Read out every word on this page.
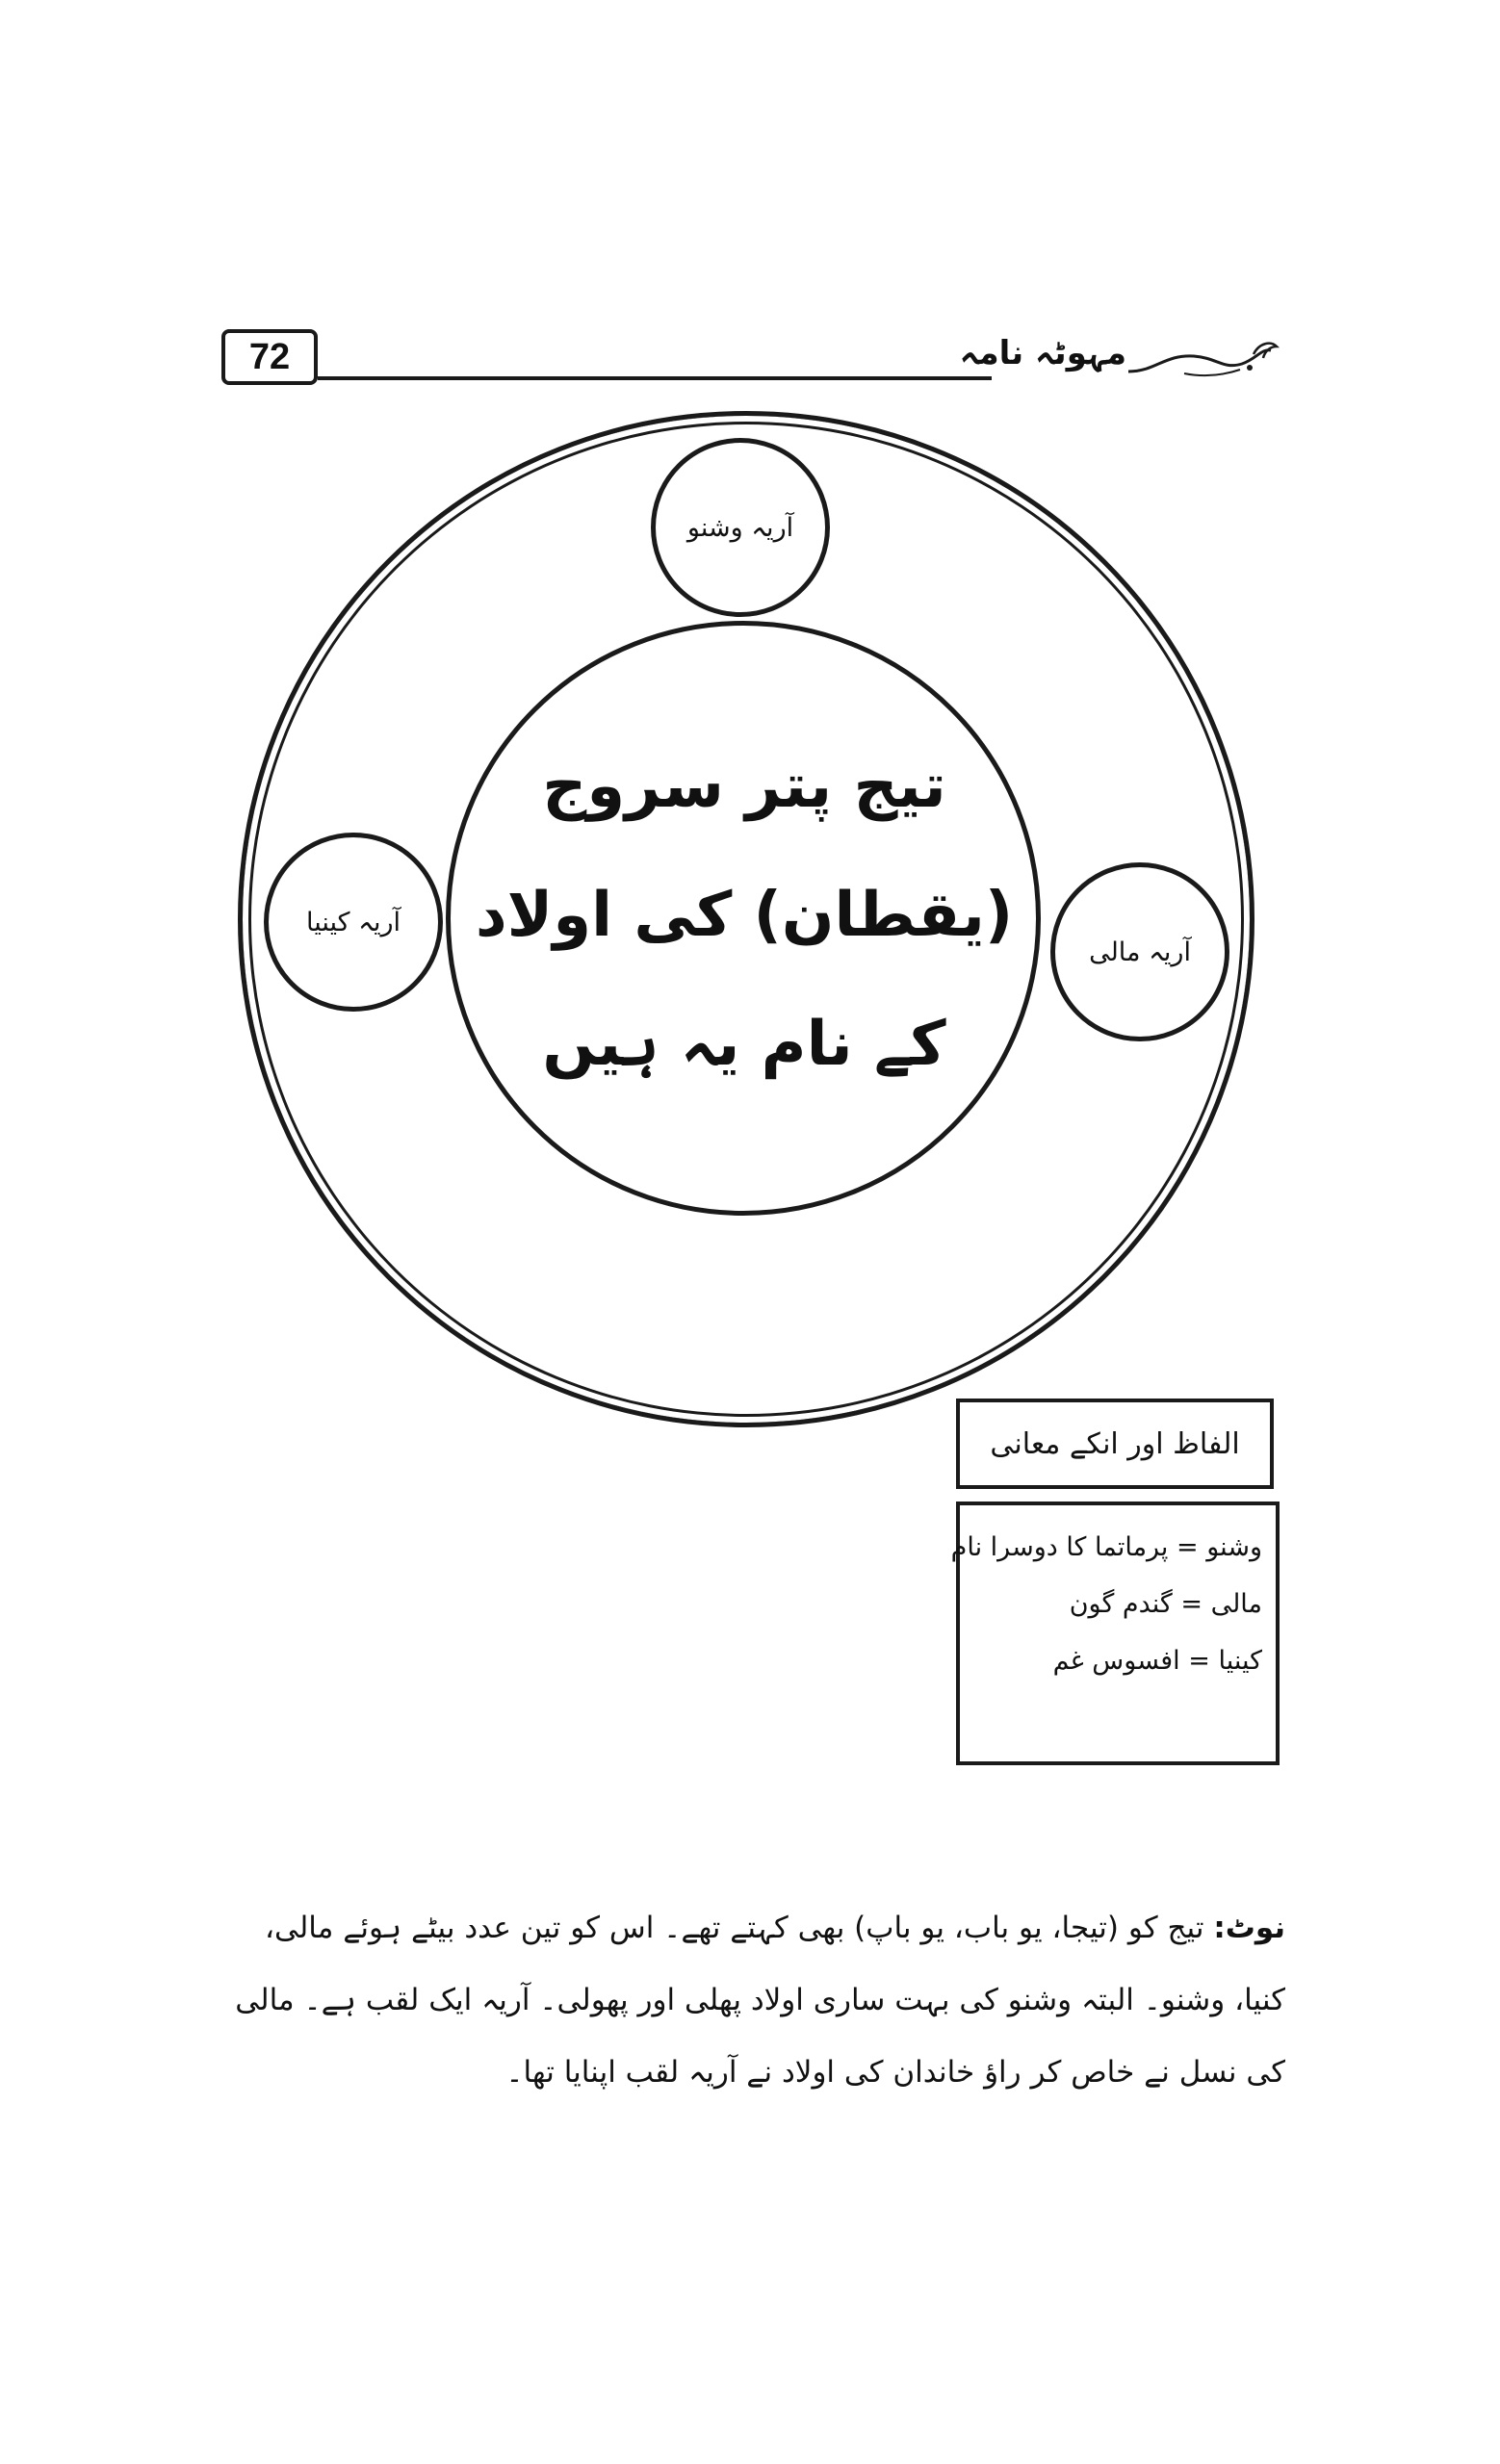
72	مہوٹہ نامہ
تیج پتر سروج
(یقطان) کی اولاد
کے نام یہ ہیں
آریہ وشنو
آریہ کینیا
آریہ مالی
الفاظ اور انکے معانی
وشنو = پرماتما کا دوسرا نام
مالی = گندم گون
کینیا = افسوس غم
نوٹ: تیج کو (تیجا، یو باب، یو باپ) بھی کہتے تھے۔ اس کو تین عدد بیٹے ہوئے مالی، کنیا، وشنو۔ البتہ وشنو کی بہت ساری اولاد پھلی اور پھولی۔ آریہ ایک لقب ہے۔ مالی کی نسل نے خاص کر راؤ خاندان کی اولاد نے آریہ لقب اپنایا تھا۔
